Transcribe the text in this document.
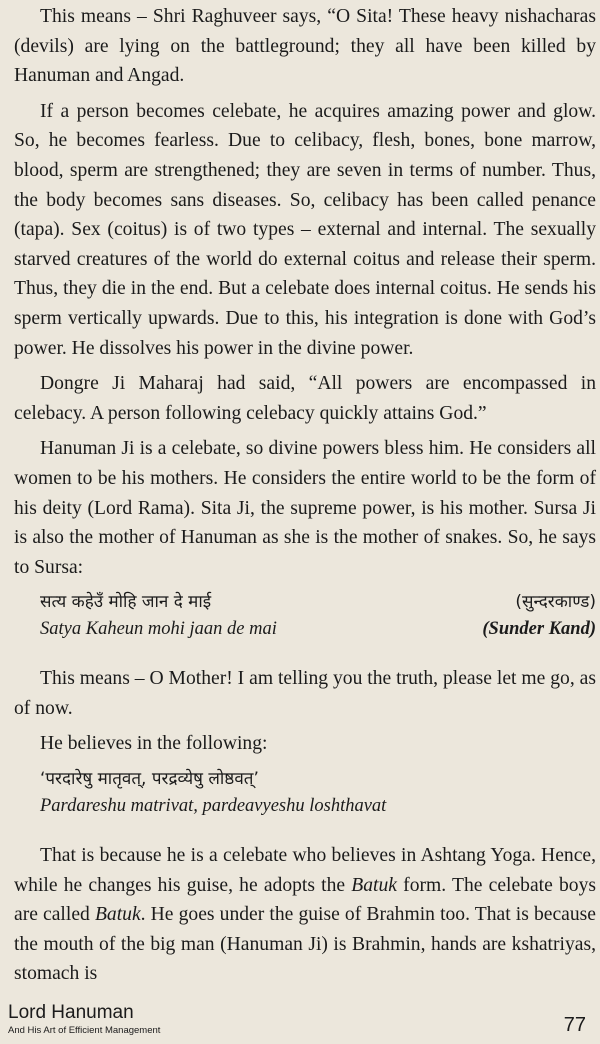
This means – Shri Raghuveer says, “O Sita! These heavy nishacharas (devils) are lying on the battleground; they all have been killed by Hanuman and Angad.

If a person becomes celebate, he acquires amazing power and glow. So, he becomes fearless. Due to celibacy, flesh, bones, bone marrow, blood, sperm are strengthened; they are seven in terms of number. Thus, the body becomes sans diseases. So, celibacy has been called penance (tapa). Sex (coitus) is of two types – external and internal. The sexually starved creatures of the world do external coitus and release their sperm. Thus, they die in the end. But a celebate does internal coitus. He sends his sperm vertically upwards. Due to this, his integration is done with God’s power. He dissolves his power in the divine power.

Dongre Ji Maharaj had said, “All powers are encompassed in celebacy. A person following celebacy quickly attains God.”

Hanuman Ji is a celebate, so divine powers bless him. He considers all women to be his mothers. He considers the entire world to be the form of his deity (Lord Rama). Sita Ji, the supreme power, is his mother. Sursa Ji is also the mother of Hanuman as she is the mother of snakes. So, he says to Sursa:

सत्य कहेउँ मोहि जान दे माई	(सुन्दरकाण्ड)
Satya Kaheun mohi jaan de mai	(Sunder Kand)

This means – O Mother! I am telling you the truth, please let me go, as of now.

He believes in the following:

‘परदारेषु मातृवत्, परद्रव्येषु लोष्ठवत्’
Pardareshu matrivat, pardeavyeshu loshthavat

That is because he is a celebate who believes in Ashtang Yoga. Hence, while he changes his guise, he adopts the Batuk form. The celebate boys are called Batuk. He goes under the guise of Brahmin too. That is because the mouth of the big man (Hanuman Ji) is Brahmin, hands are kshatriyas, stomach is

Lord Hanuman
And His Art of Efficient Management	77
